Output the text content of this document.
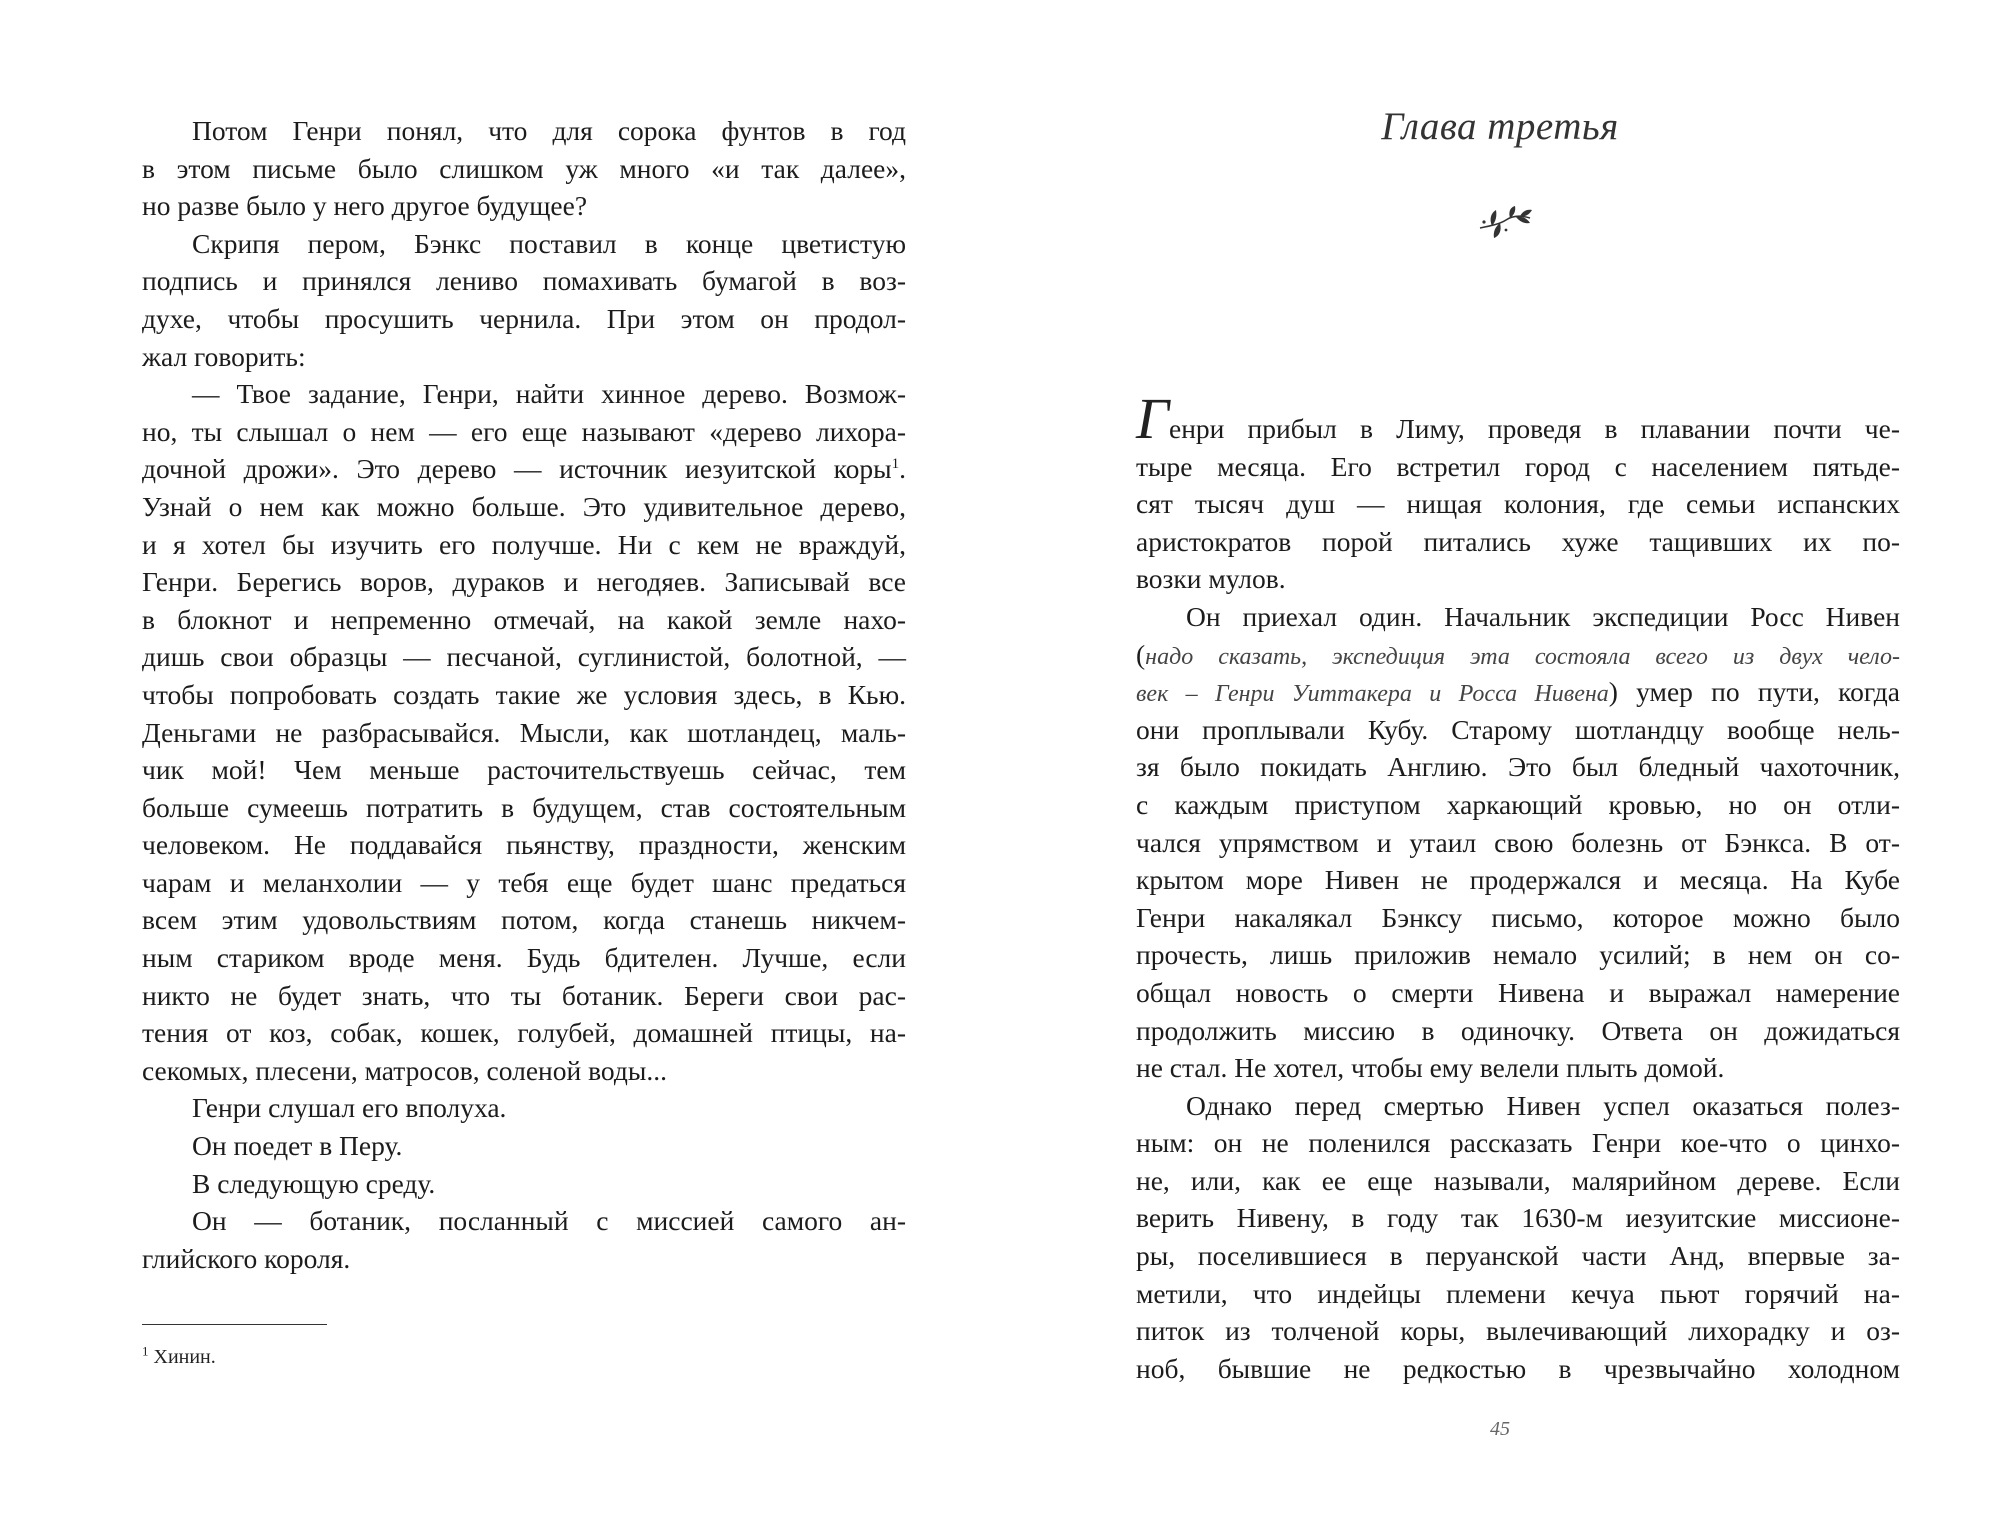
Потом Генри понял, что для сорока фунтов в год
в этом письме было слишком уж много «и так далее»,
но разве было у него другое будущее?
Скрипя пером, Бэнкс поставил в конце цветистую
подпись и принялся лениво помахивать бумагой в воз-
духе, чтобы просушить чернила. При этом он продол-
жал говорить:
— Твое задание, Генри, найти хинное дерево. Возмож-
но, ты слышал о нем — его еще называют «дерево лихора-
дочной дрожи». Это дерево — источник иезуитской коры$^1$.
Узнай о нем как можно больше. Это удивительное дерево,
и я хотел бы изучить его получше. Ни с кем не враждуй,
Генри. Берегись воров, дураков и негодяев. Записывай все
в блокнот и непременно отмечай, на какой земле нахо-
дишь свои образцы — песчаной, суглинистой, болотной, —
чтобы попробовать создать такие же условия здесь, в Кью.
Деньгами не разбрасывайся. Мысли, как шотландец, маль-
чик мой! Чем меньше расточительствуешь сейчас, тем
больше сумеешь потратить в будущем, став состоятельным
человеком. Не поддавайся пьянству, праздности, женским
чарам и меланхолии — у тебя еще будет шанс предаться
всем этим удовольствиям потом, когда станешь никчем-
ным стариком вроде меня. Будь бдителен. Лучше, если
никто не будет знать, что ты ботаник. Береги свои рас-
тения от коз, собак, кошек, голубей, домашней птицы, на-
секомых, плесени, матросов, соленой воды...
Генри слушал его вполуха.
Он поедет в Перу.
В следующую среду.
Он — ботаник, посланный с миссией самого ан-
глийского короля.
$^1$ Хинин.
Глава третья
Генри прибыл в Лиму, проведя в плавании почти че-
тыре месяца. Его встретил город с населением пятьде-
сят тысяч душ — нищая колония, где семьи испанских
аристократов порой питались хуже тащивших их по-
возки мулов.
Он приехал один. Начальник экспедиции Росс Нивен
(надо сказать, экспедиция эта состояла всего из двух чело-
век – Генри Уиттакера и Росса Нивена) умер по пути, когда
они проплывали Кубу. Старому шотландцу вообще нель-
зя было покидать Англию. Это был бледный чахоточник,
с каждым приступом харкающий кровью, но он отли-
чался упрямством и утаил свою болезнь от Бэнкса. В от-
крытом море Нивен не продержался и месяца. На Кубе
Генри накалякал Бэнксу письмо, которое можно было
прочесть, лишь приложив немало усилий; в нем он со-
общал новость о смерти Нивена и выражал намерение
продолжить миссию в одиночку. Ответа он дожидаться
не стал. Не хотел, чтобы ему велели плыть домой.
Однако перед смертью Нивен успел оказаться полез-
ным: он не поленился рассказать Генри кое-что о цинхо-
не, или, как ее еще называли, малярийном дереве. Если
верить Нивену, в году так 1630-м иезуитские миссионе-
ры, поселившиеся в перуанской части Анд, впервые за-
метили, что индейцы племени кечуа пьют горячий на-
питок из толченой коры, вылечивающий лихорадку и оз-
ноб, бывшие не редкостью в чрезвычайно холодном
45
